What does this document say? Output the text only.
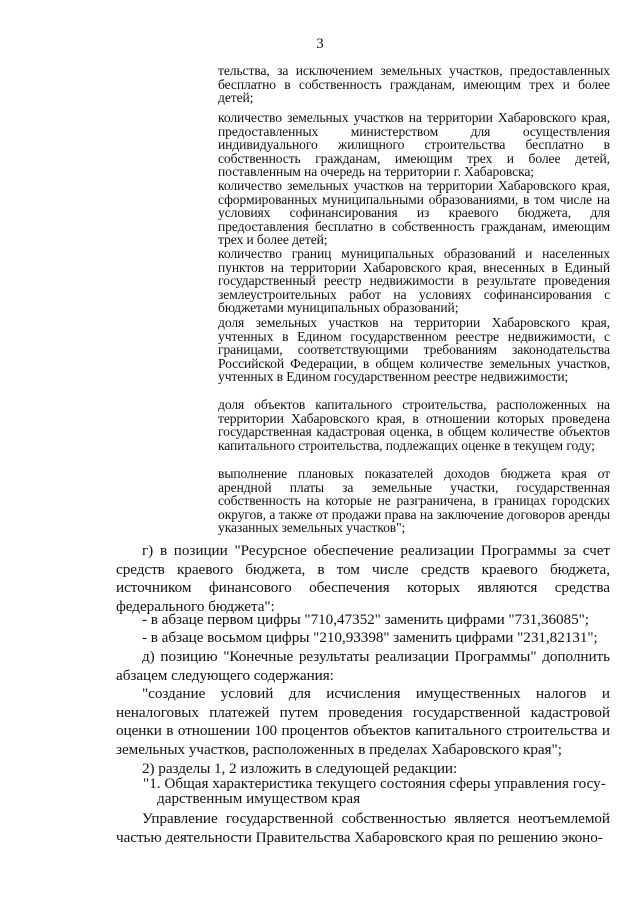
3

тельства, за исключением земельных участков, предоставленных бесплатно в собственность гражданам, имеющим трех и более детей;

количество земельных участков на территории Хабаровского края, предоставленных министерством для осуществления индивидуального жилищного строительства бесплатно в собственность гражданам, имеющим трех и более детей, поставленным на очередь на территории г. Хабаровска;

количество земельных участков на территории Хабаровского края, сформированных муниципальными образованиями, в том числе на условиях софинансирования из краевого бюджета, для предоставления бесплатно в собственность гражданам, имеющим трех и более детей;

количество границ муниципальных образований и населенных пунктов на территории Хабаровского края, внесенных в Единый государственный реестр недвижимости в результате проведения землеустроительных работ на условиях софинансирования с бюджетами муниципальных образований;

доля земельных участков на территории Хабаровского края, учтенных в Едином государственном реестре недвижимости, с границами, соответствующими требованиям законодательства Российской Федерации, в общем количестве земельных участков, учтенных в Едином государственном реестре недвижимости;

доля объектов капитального строительства, расположенных на территории Хабаровского края, в отношении которых проведена государственная кадастровая оценка, в общем количестве объектов капитального строительства, подлежащих оценке в текущем году;

выполнение плановых показателей доходов бюджета края от арендной платы за земельные участки, государственная собственность на которые не разграничена, в границах городских округов, а также от продажи права на заключение договоров аренды указанных земельных участков";

г) в позиции "Ресурсное обеспечение реализации Программы за счет средств краевого бюджета, в том числе средств краевого бюджета, источником финансового обеспечения которых являются средства федерального бюджета":

- в абзаце первом цифры "710,47352" заменить цифрами "731,36085";

- в абзаце восьмом цифры "210,93398" заменить цифрами "231,82131";

д) позицию "Конечные результаты реализации Программы" дополнить абзацем следующего содержания:

"создание условий для исчисления имущественных налогов и неналоговых платежей путем проведения государственной кадастровой оценки в отношении 100 процентов объектов капитального строительства и земельных участков, расположенных в пределах Хабаровского края";

2) разделы 1, 2 изложить в следующей редакции:

"1. Общая характеристика текущего состояния сферы управления госу-
дарственным имуществом края

Управление государственной собственностью является неотъемлемой частью деятельности Правительства Хабаровского края по решению эконо-
